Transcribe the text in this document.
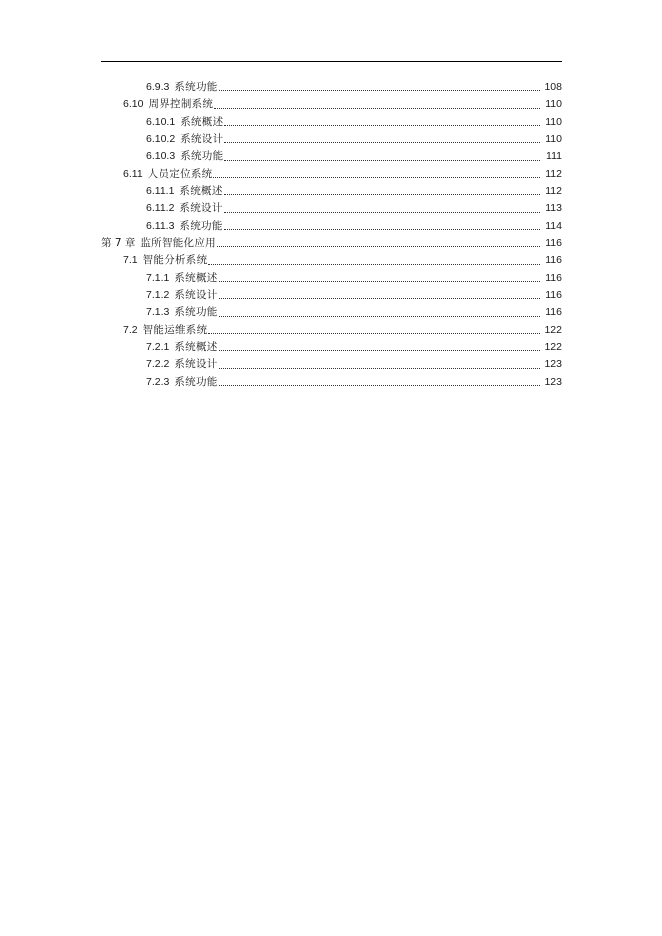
6.9.3 系统功能	108
6.10 周界控制系统	110
6.10.1 系统概述	110
6.10.2 系统设计	110
6.10.3 系统功能	111
6.11 人员定位系统	112
6.11.1 系统概述	112
6.11.2 系统设计	113
6.11.3 系统功能	114
第 7 章 监所智能化应用	116
7.1 智能分析系统	116
7.1.1 系统概述	116
7.1.2 系统设计	116
7.1.3 系统功能	116
7.2 智能运维系统	122
7.2.1 系统概述	122
7.2.2 系统设计	123
7.2.3 系统功能	123
